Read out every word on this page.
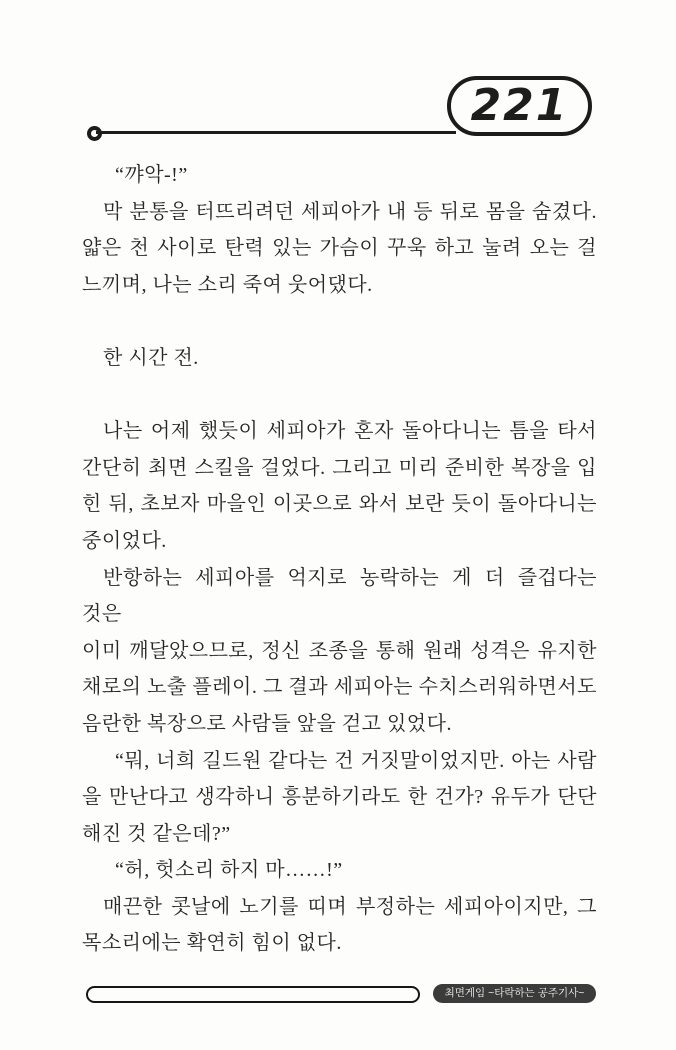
221
“꺄악-!”
막 분통을 터뜨리려던 세피아가 내 등 뒤로 몸을 숨겼다.
얇은 천 사이로 탄력 있는 가슴이 꾸욱 하고 눌려 오는 걸
느끼며, 나는 소리 죽여 웃어댔다.
한 시간 전.
나는 어제 했듯이 세피아가 혼자 돌아다니는 틈을 타서
간단히 최면 스킬을 걸었다. 그리고 미리 준비한 복장을 입
힌 뒤, 초보자 마을인 이곳으로 와서 보란 듯이 돌아다니는
중이었다.
반항하는 세피아를 억지로 농락하는 게 더 즐겁다는 것은
이미 깨달았으므로, 정신 조종을 통해 원래 성격은 유지한
채로의 노출 플레이. 그 결과 세피아는 수치스러워하면서도
음란한 복장으로 사람들 앞을 걷고 있었다.
“뭐, 너희 길드원 같다는 건 거짓말이었지만. 아는 사람
을 만난다고 생각하니 흥분하기라도 한 건가? 유두가 단단
해진 것 같은데?”
“허, 헛소리 하지 마……!”
매끈한 콧날에 노기를 띠며 부정하는 세피아이지만, 그
목소리에는 확연히 힘이 없다.
최면게임 ~타락하는 공주기사~
